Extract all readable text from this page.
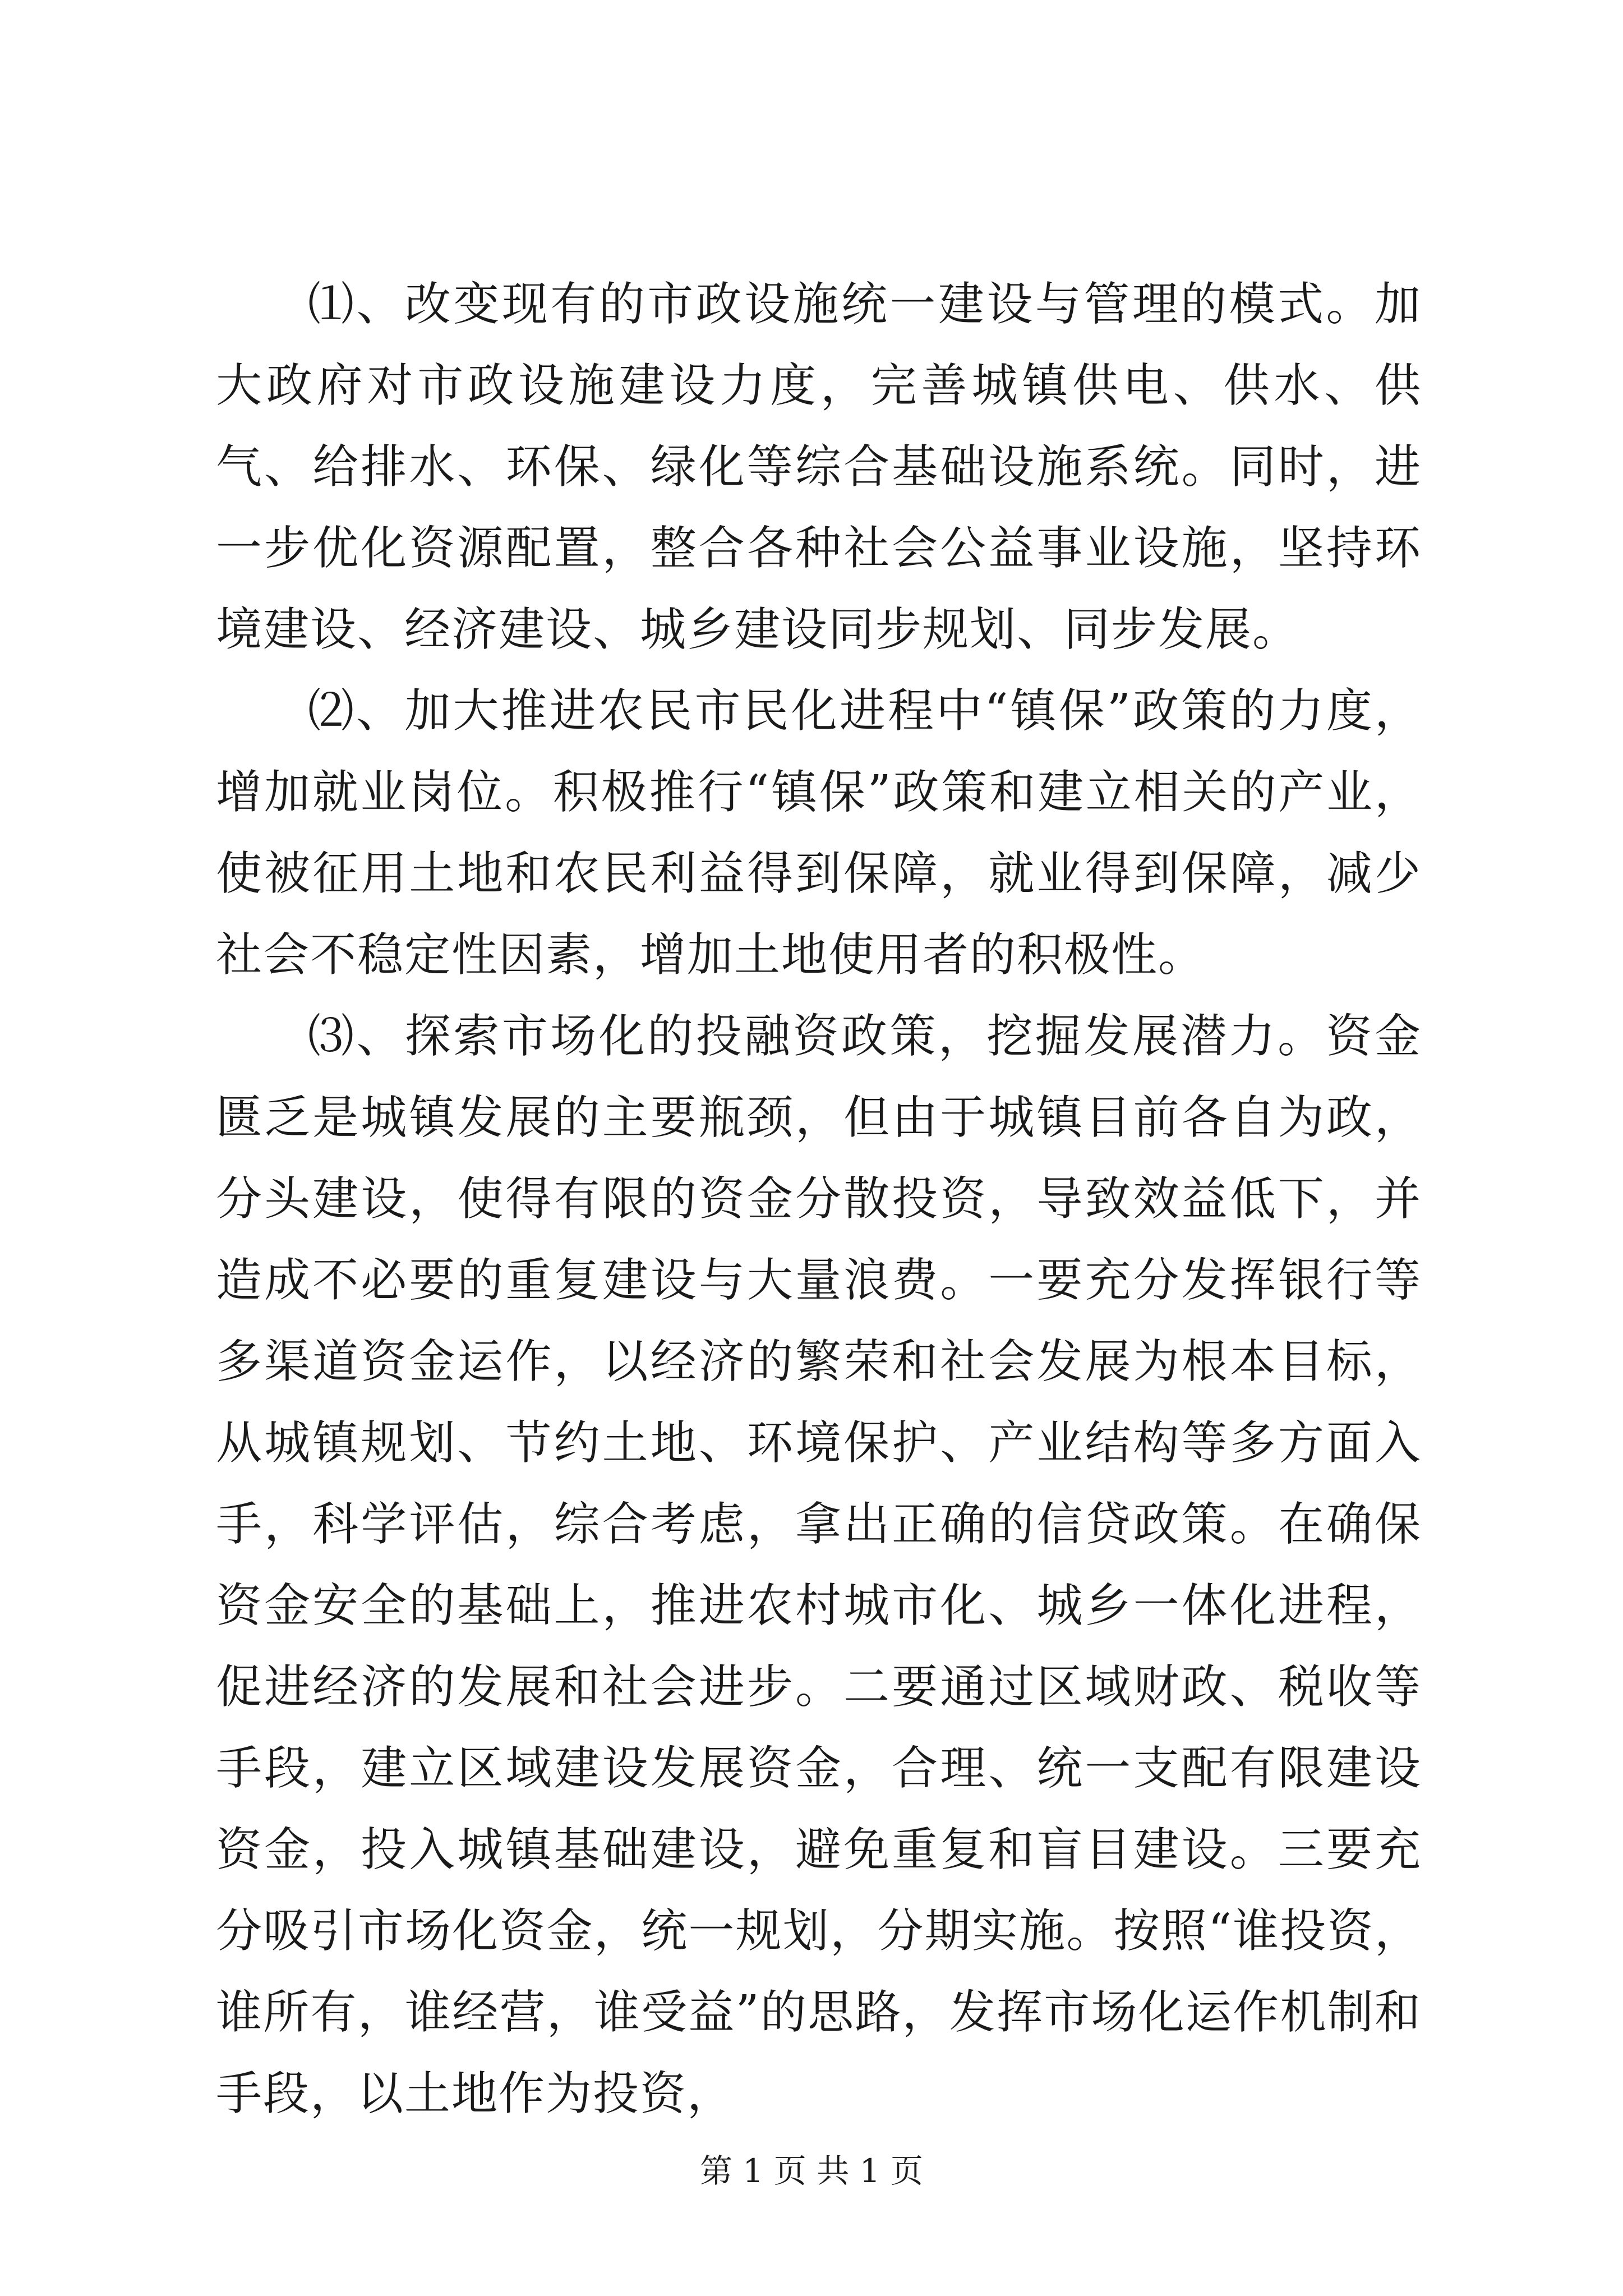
⑴、改变现有的市政设施统一建设与管理的模式。加大政府对市政设施建设力度，完善城镇供电、供水、供气、给排水、环保、绿化等综合基础设施系统。同时，进一步优化资源配置，整合各种社会公益事业设施，坚持环境建设、经济建设、城乡建设同步规划、同步发展。

⑵、加大推进农民市民化进程中“镇保”政策的力度，增加就业岗位。积极推行“镇保”政策和建立相关的产业，使被征用土地和农民利益得到保障，就业得到保障，减少社会不稳定性因素，增加土地使用者的积极性。

⑶、探索市场化的投融资政策，挖掘发展潜力。资金匮乏是城镇发展的主要瓶颈，但由于城镇目前各自为政，分头建设，使得有限的资金分散投资，导致效益低下，并造成不必要的重复建设与大量浪费。一要充分发挥银行等多渠道资金运作，以经济的繁荣和社会发展为根本目标，从城镇规划、节约土地、环境保护、产业结构等多方面入手，科学评估，综合考虑，拿出正确的信贷政策。在确保资金安全的基础上，推进农村城市化、城乡一体化进程，促进经济的发展和社会进步。二要通过区域财政、税收等手段，建立区域建设发展资金，合理、统一支配有限建设资金，投入城镇基础建设，避免重复和盲目建设。三要充分吸引市场化资金，统一规划，分期实施。按照“谁投资，谁所有，谁经营，谁受益”的思路，发挥市场化运作机制和手段，以土地作为投资，

第 1 页 共 1 页
